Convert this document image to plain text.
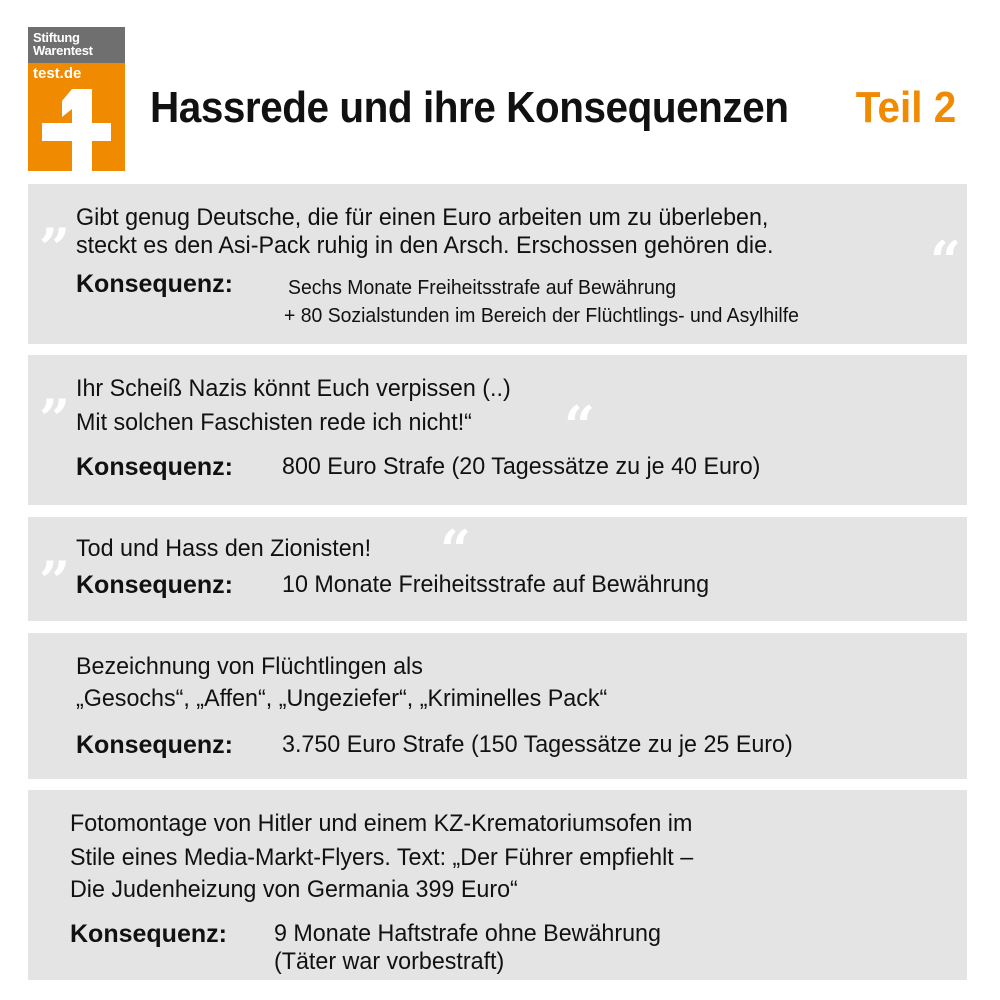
Stiftung
Warentest
test.de
Hassrede und ihre Konsequenzen Teil 2
„
“
Gibt genug Deutsche, die für einen Euro arbeiten um zu überleben,
steckt es den Asi-Pack ruhig in den Arsch. Erschossen gehören die.
Konsequenz:	Sechs Monate Freiheitsstrafe auf Bewährung
+ 80 Sozialstunden im Bereich der Flüchtlings- und Asylhilfe
„
“
Ihr Scheiß Nazis könnt Euch verpissen (..)
Mit solchen Faschisten rede ich nicht!“
Konsequenz: 800 Euro Strafe (20 Tagessätze zu je 40 Euro)
„	“
Tod und Hass den Zionisten!
Konsequenz: 10 Monate Freiheitsstrafe auf Bewährung
Bezeichnung von Flüchtlingen als
„Gesochs“, „Affen“, „Ungeziefer“, „Kriminelles Pack“
Konsequenz: 3.750 Euro Strafe (150 Tagessätze zu je 25 Euro)
Fotomontage von Hitler und einem KZ-Krematoriumsofen im
Stile eines Media-Markt-Flyers. Text: „Der Führer empfiehlt –
Die Judenheizung von Germania 399 Euro“
Konsequenz: 9 Monate Haftstrafe ohne Bewährung
(Täter war vorbestraft)
